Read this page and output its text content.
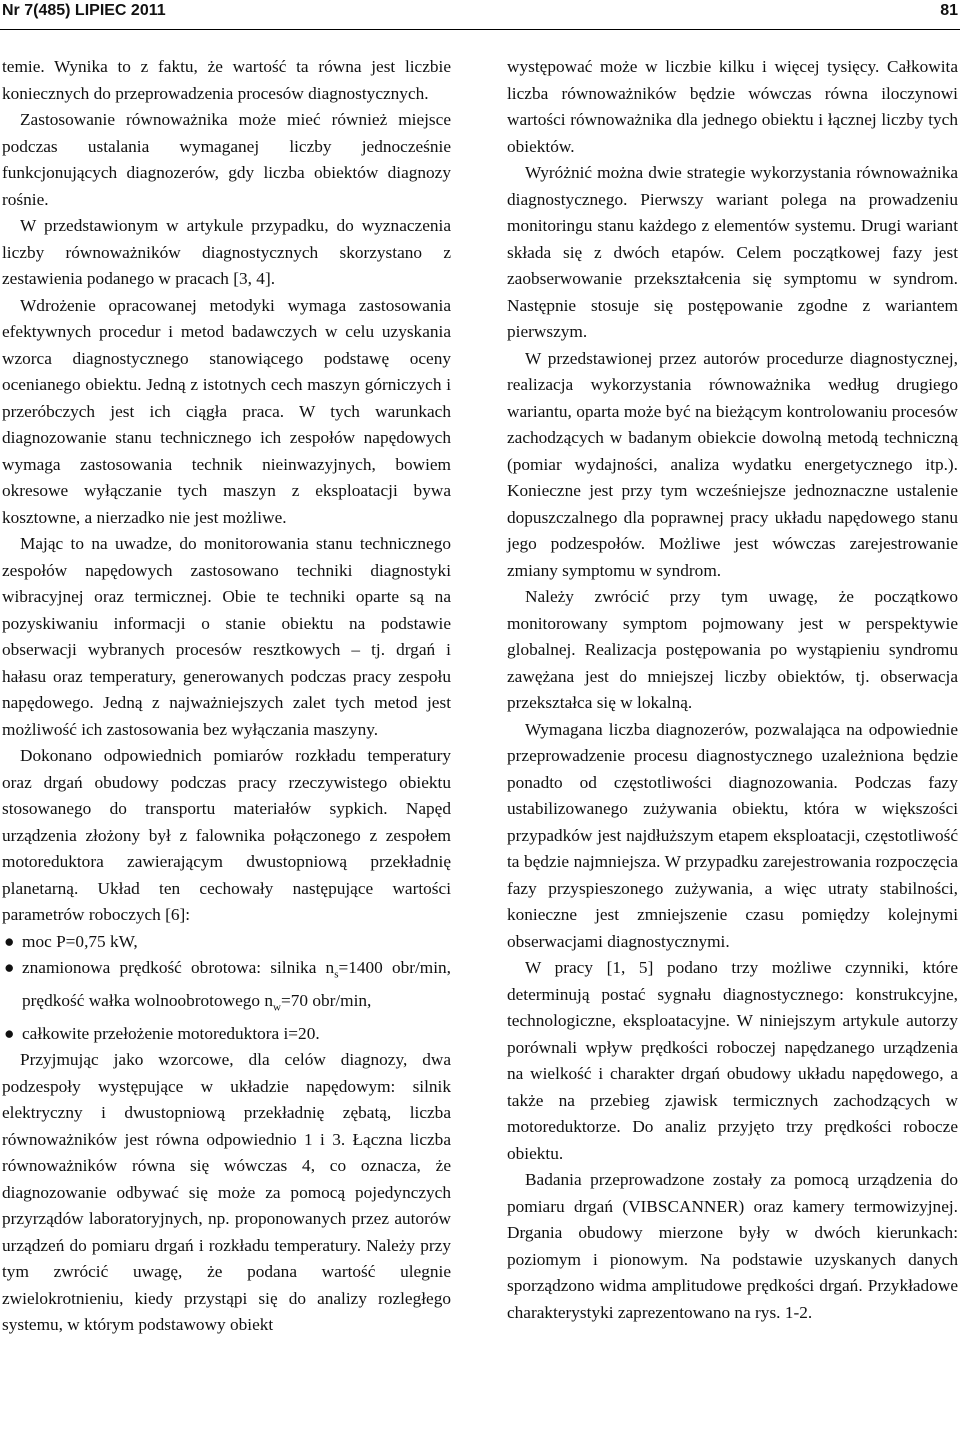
Nr 7(485) LIPIEC 2011	81

temie. Wynika to z faktu, że wartość ta równa jest liczbie koniecznych do przeprowadzenia procesów diagnostycznych.

Zastosowanie równoważnika może mieć również miejsce podczas ustalania wymaganej liczby jednocześnie funkcjonujących diagnozerów, gdy liczba obiektów diagnozy rośnie.

W przedstawionym w artykule przypadku, do wyznaczenia liczby równoważników diagnostycznych skorzystano z zestawienia podanego w pracach [3, 4].

Wdrożenie opracowanej metodyki wymaga zastosowania efektywnych procedur i metod badawczych w celu uzyskania wzorca diagnostycznego stanowiącego podstawę oceny ocenianego obiektu. Jedną z istotnych cech maszyn górniczych i przeróbczych jest ich ciągła praca. W tych warunkach diagnozowanie stanu technicznego ich zespołów napędowych wymaga zastosowania technik nieinwazyjnych, bowiem okresowe wyłączanie tych maszyn z eksploatacji bywa kosztowne, a nierzadko nie jest możliwe.

Mając to na uwadze, do monitorowania stanu technicznego zespołów napędowych zastosowano techniki diagnostyki wibracyjnej oraz termicznej. Obie te techniki oparte są na pozyskiwaniu informacji o stanie obiektu na podstawie obserwacji wybranych procesów resztkowych – tj. drgań i hałasu oraz temperatury, generowanych podczas pracy zespołu napędowego. Jedną z najważniejszych zalet tych metod jest możliwość ich zastosowania bez wyłączania maszyny.

Dokonano odpowiednich pomiarów rozkładu temperatury oraz drgań obudowy podczas pracy rzeczywistego obiektu stosowanego do transportu materiałów sypkich. Napęd urządzenia złożony był z falownika połączonego z zespołem motoreduktora zawierającym dwustopniową przekładnię planetarną. Układ ten cechowały następujące wartości parametrów roboczych [6]:

● moc P=0,75 kW,
● znamionowa prędkość obrotowa: silnika $n_s=1400$ obr/min, prędkość wałka wolnoobrotowego $n_w=70$ obr/min,
● całkowite przełożenie motoreduktora i=20.

Przyjmując jako wzorcowe, dla celów diagnozy, dwa podzespoły występujące w układzie napędowym: silnik elektryczny i dwustopniową przekładnię zębatą, liczba równoważników jest równa odpowiednio 1 i 3. Łączna liczba równoważników równa się wówczas 4, co oznacza, że diagnozowanie odbywać się może za pomocą pojedynczych przyrządów laboratoryjnych, np. proponowanych przez autorów urządzeń do pomiaru drgań i rozkładu temperatury. Należy przy tym zwrócić uwagę, że podana wartość ulegnie zwielokrotnieniu, kiedy przystąpi się do analizy rozległego systemu, w którym podstawowy obiekt

występować może w liczbie kilku i więcej tysięcy. Całkowita liczba równoważników będzie wówczas równa iloczynowi wartości równoważnika dla jednego obiektu i łącznej liczby tych obiektów.

Wyróżnić można dwie strategie wykorzystania równoważnika diagnostycznego. Pierwszy wariant polega na prowadzeniu monitoringu stanu każdego z elementów systemu. Drugi wariant składa się z dwóch etapów. Celem początkowej fazy jest zaobserwowanie przekształcenia się symptomu w syndrom. Następnie stosuje się postępowanie zgodne z wariantem pierwszym.

W przedstawionej przez autorów procedurze diagnostycznej, realizacja wykorzystania równoważnika według drugiego wariantu, oparta może być na bieżącym kontrolowaniu procesów zachodzących w badanym obiekcie dowolną metodą techniczną (pomiar wydajności, analiza wydatku energetycznego itp.). Konieczne jest przy tym wcześniejsze jednoznaczne ustalenie dopuszczalnego dla poprawnej pracy układu napędowego stanu jego podzespołów. Możliwe jest wówczas zarejestrowanie zmiany symptomu w syndrom.

Należy zwrócić przy tym uwagę, że początkowo monitorowany symptom pojmowany jest w perspektywie globalnej. Realizacja postępowania po wystąpieniu syndromu zawężana jest do mniejszej liczby obiektów, tj. obserwacja przekształca się w lokalną.

Wymagana liczba diagnozerów, pozwalająca na odpowiednie przeprowadzenie procesu diagnostycznego uzależniona będzie ponadto od częstotliwości diagnozowania. Podczas fazy ustabilizowanego zużywania obiektu, która w większości przypadków jest najdłuższym etapem eksploatacji, częstotliwość ta będzie najmniejsza. W przypadku zarejestrowania rozpoczęcia fazy przyspieszonego zużywania, a więc utraty stabilności, konieczne jest zmniejszenie czasu pomiędzy kolejnymi obserwacjami diagnostycznymi.

W pracy [1, 5] podano trzy możliwe czynniki, które determinują postać sygnału diagnostycznego: konstrukcyjne, technologiczne, eksploatacyjne. W niniejszym artykule autorzy porównali wpływ prędkości roboczej napędzanego urządzenia na wielkość i charakter drgań obudowy układu napędowego, a także na przebieg zjawisk termicznych zachodzących w motoreduktorze. Do analiz przyjęto trzy prędkości robocze obiektu.

Badania przeprowadzone zostały za pomocą urządzenia do pomiaru drgań (VIBSCANNER) oraz kamery termowizyjnej. Drgania obudowy mierzone były w dwóch kierunkach: poziomym i pionowym. Na podstawie uzyskanych danych sporządzono widma amplitudowe prędkości drgań. Przykładowe charakterystyki zaprezentowano na rys. 1-2.
